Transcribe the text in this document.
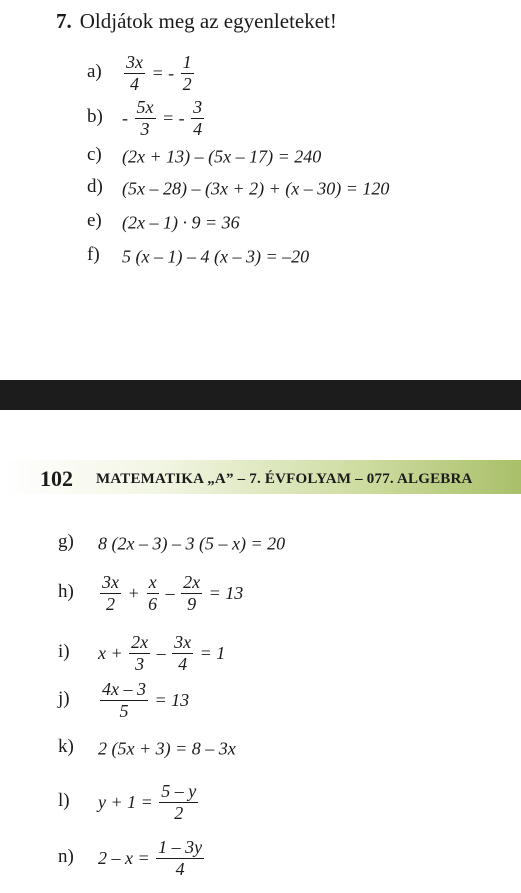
7. Oldjátok meg az egyenleteket!
$a) \frac{3x}{4}$ = - $\frac{1}{2}$
$b) - \frac{5x}{3}$ = - $\frac{3}{4}$
c) (2x + 13) – (5x – 17) = 240
d) (5x – 28) – (3x + 2) + (x – 30) = 120
e) (2x – 1) · 9 = 36
f) 5 (x – 1) – 4 (x – 3) = –20
102 MATEMATIKA „A” – 7. ÉVFOLYAM – 077. ALGEBRA
g) 8 (2x – 3) – 3 (5 – x) = 20
$h) \frac{3x}{2} + \frac{x}{6} - \frac{2x}{9} = 13$
i) $x + \frac{2x}{3} - \frac{3x}{4} = 1$
$j) \frac{4x - 3}{5} = 13$
k) 2 (5x + 3) = 8 – 3x
l) $y + 1 = \frac{5 - y}{2}$
n) $2 - x = \frac{1 - 3y}{4}$
